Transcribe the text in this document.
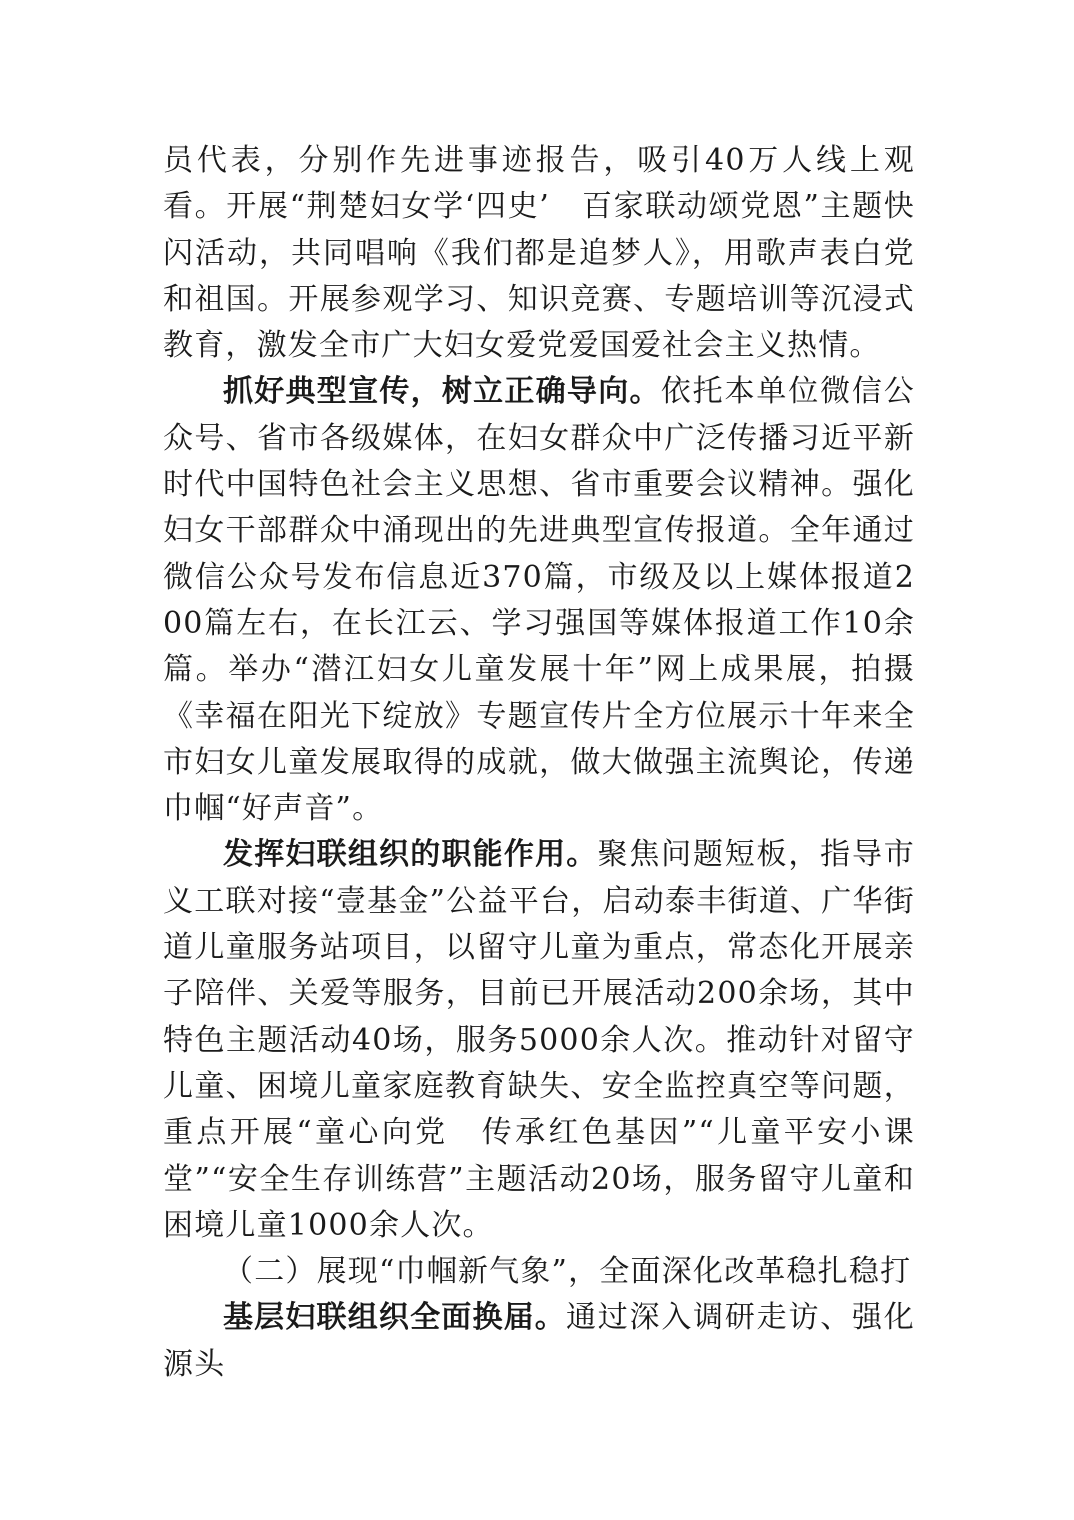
员代表，分别作先进事迹报告，吸引40万人线上观看。开展“荆楚妇女学‘四史’　百家联动颂党恩”主题快闪活动，共同唱响《我们都是追梦人》，用歌声表白党和祖国。开展参观学习、知识竞赛、专题培训等沉浸式教育，激发全市广大妇女爱党爱国爱社会主义热情。

抓好典型宣传，树立正确导向。依托本单位微信公众号、省市各级媒体，在妇女群众中广泛传播习近平新时代中国特色社会主义思想、省市重要会议精神。强化妇女干部群众中涌现出的先进典型宣传报道。全年通过微信公众号发布信息近370篇，市级及以上媒体报道200篇左右，在长江云、学习强国等媒体报道工作10余篇。举办“潜江妇女儿童发展十年”网上成果展，拍摄《幸福在阳光下绽放》专题宣传片全方位展示十年来全市妇女儿童发展取得的成就，做大做强主流舆论，传递巾帼“好声音”。

发挥妇联组织的职能作用。聚焦问题短板，指导市义工联对接“壹基金”公益平台，启动泰丰街道、广华街道儿童服务站项目，以留守儿童为重点，常态化开展亲子陪伴、关爱等服务，目前已开展活动200余场，其中特色主题活动40场，服务5000余人次。推动针对留守儿童、困境儿童家庭教育缺失、安全监控真空等问题，重点开展“童心向党　传承红色基因”“儿童平安小课堂”“安全生存训练营”主题活动20场，服务留守儿童和困境儿童1000余人次。

（二）展现“巾帼新气象”，全面深化改革稳扎稳打

基层妇联组织全面换届。通过深入调研走访、强化源头
